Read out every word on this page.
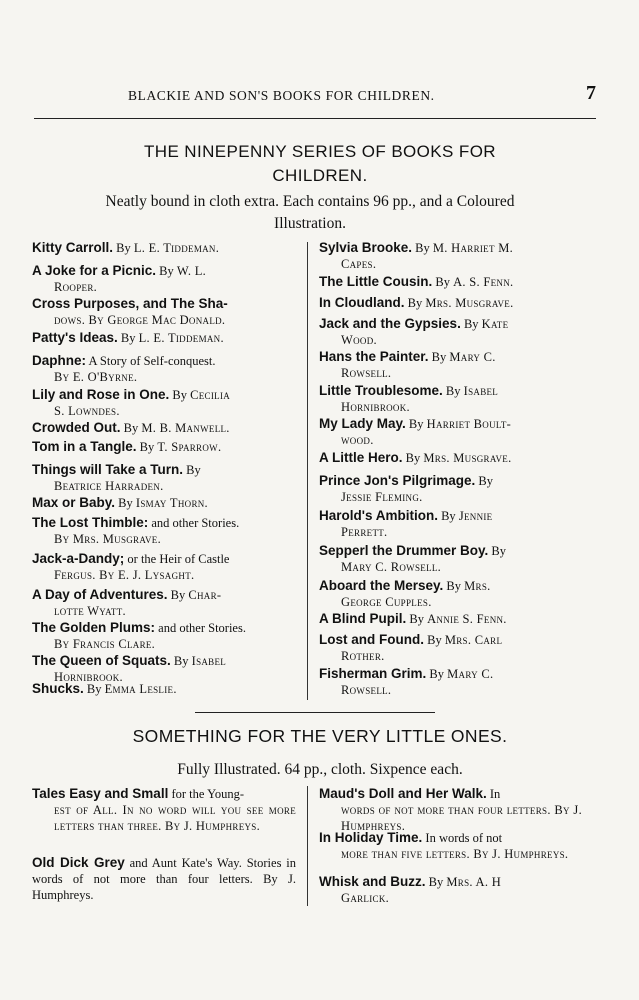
BLACKIE AND SON'S BOOKS FOR CHILDREN.	7
THE NINEPENNY SERIES OF BOOKS FOR
CHILDREN.
Neatly bound in cloth extra. Each contains 96 pp., and a Coloured
Illustration.
Kitty Carroll. By L. E. Tiddeman.
A Joke for a Picnic. By W. L.
Rooper.
Cross Purposes, and The Sha-
dows. By George Mac Donald.
Patty's Ideas. By L. E. Tiddeman.
Daphne: A Story of Self-conquest.
By E. O'Byrne.
Lily and Rose in One. By Cecilia
S. Lowndes.
Crowded Out. By M. B. Manwell.
Tom in a Tangle. By T. Sparrow.
Things will Take a Turn. By
Beatrice Harraden.
Max or Baby. By Ismay Thorn.
The Lost Thimble: and other Stories.
By Mrs. Musgrave.
Jack-a-Dandy; or the Heir of Castle
Fergus. By E. J. Lysaght.
A Day of Adventures. By Char-
lotte Wyatt.
The Golden Plums: and other Stories.
By Francis Clare.
The Queen of Squats. By Isabel
Hornibrook.
Shucks. By Emma Leslie.
Sylvia Brooke. By M. Harriet M.
Capes.
The Little Cousin. By A. S. Fenn.
In Cloudland. By Mrs. Musgrave.
Jack and the Gypsies. By Kate
Wood.
Hans the Painter. By Mary C.
Rowsell.
Little Troublesome. By Isabel
Hornibrook.
My Lady May. By Harriet Boult-
wood.
A Little Hero. By Mrs. Musgrave.
Prince Jon's Pilgrimage. By
Jessie Fleming.
Harold's Ambition. By Jennie
Perrett.
Sepperl the Drummer Boy. By
Mary C. Rowsell.
Aboard the Mersey. By Mrs.
George Cupples.
A Blind Pupil. By Annie S. Fenn.
Lost and Found. By Mrs. Carl
Rother.
Fisherman Grim. By Mary C.
Rowsell.
SOMETHING FOR THE VERY LITTLE ONES.
Fully Illustrated. 64 pp., cloth. Sixpence each.
Tales Easy and Small for the Young-
est of All. In no word will you see more letters than three. By J. Humphreys.
Old Dick Grey and Aunt Kate's Way. Stories in words of not more than four letters. By J. Humphreys.
Maud's Doll and Her Walk. In
words of not more than four letters. By J. Humphreys.
In Holiday Time. In words of not
more than five letters. By J. Humphreys.
Whisk and Buzz. By Mrs. A. H
Garlick.
